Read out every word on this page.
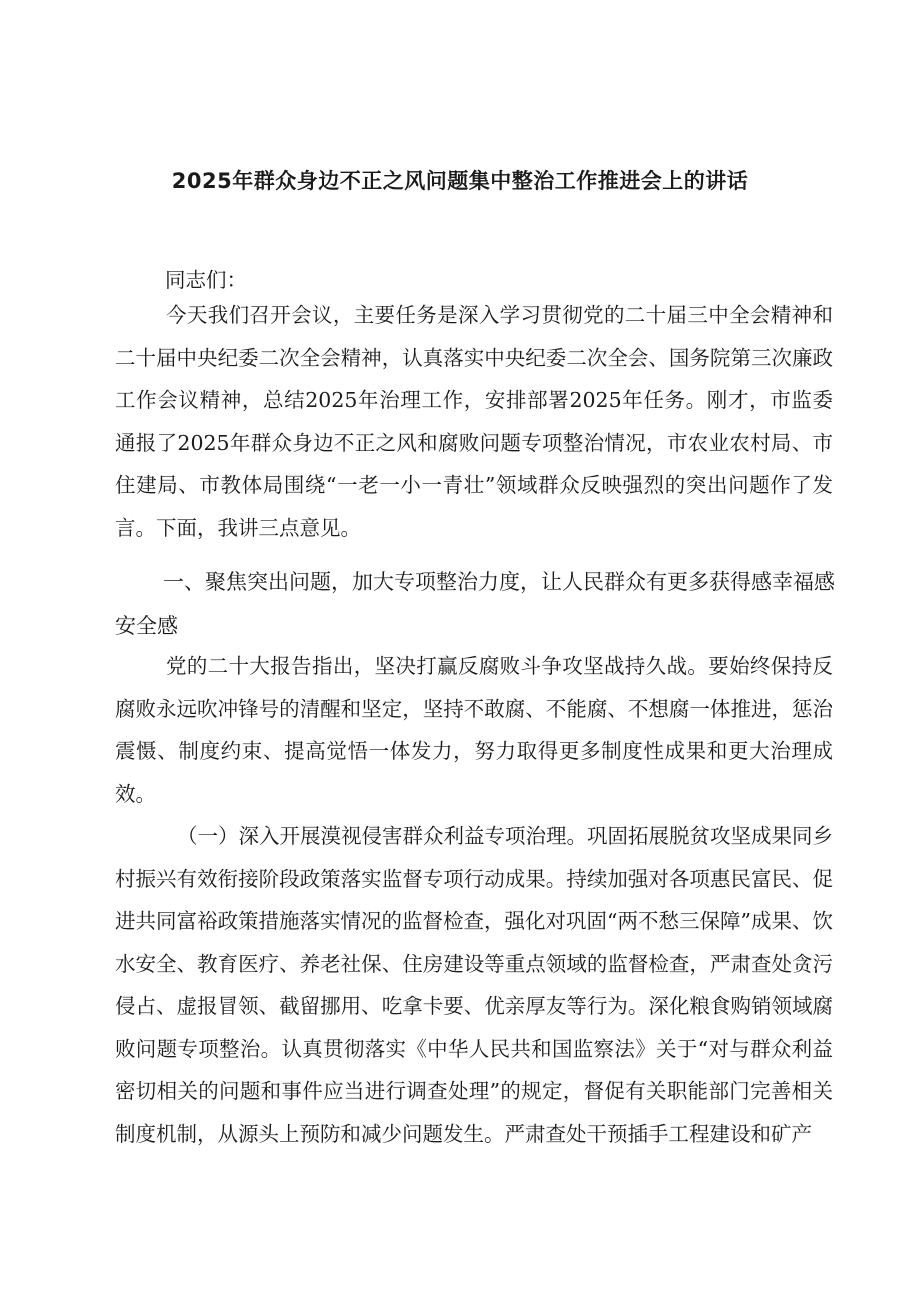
2025年群众身边不正之风问题集中整治工作推进会上的讲话
同志们：

今天我们召开会议，主要任务是深入学习贯彻党的二十届三中全会精神和二十届中央纪委二次全会精神，认真落实中央纪委二次全会、国务院第三次廉政工作会议精神，总结2025年治理工作，安排部署2025年任务。刚才，市监委通报了2025年群众身边不正之风和腐败问题专项整治情况，市农业农村局、市住建局、市教体局围绕“一老一小一青壮”领域群众反映强烈的突出问题作了发言。下面，我讲三点意见。

一、聚焦突出问题，加大专项整治力度，让人民群众有更多获得感幸福感安全感

党的二十大报告指出，坚决打赢反腐败斗争攻坚战持久战。要始终保持反腐败永远吹冲锋号的清醒和坚定，坚持不敢腐、不能腐、不想腐一体推进，惩治震慑、制度约束、提高觉悟一体发力，努力取得更多制度性成果和更大治理成效。

（一）深入开展漠视侵害群众利益专项治理。巩固拓展脱贫攻坚成果同乡村振兴有效衔接阶段政策落实监督专项行动成果。持续加强对各项惠民富民、促进共同富裕政策措施落实情况的监督检查，强化对巩固“两不愁三保障”成果、饮水安全、教育医疗、养老社保、住房建设等重点领域的监督检查，严肃查处贪污侵占、虚报冒领、截留挪用、吃拿卡要、优亲厚友等行为。深化粮食购销领域腐败问题专项整治。认真贯彻落实《中华人民共和国监察法》关于“对与群众利益密切相关的问题和事件应当进行调查处理”的规定，督促有关职能部门完善相关制度机制，从源头上预防和减少问题发生。严肃查处干预插手工程建设和矿产
